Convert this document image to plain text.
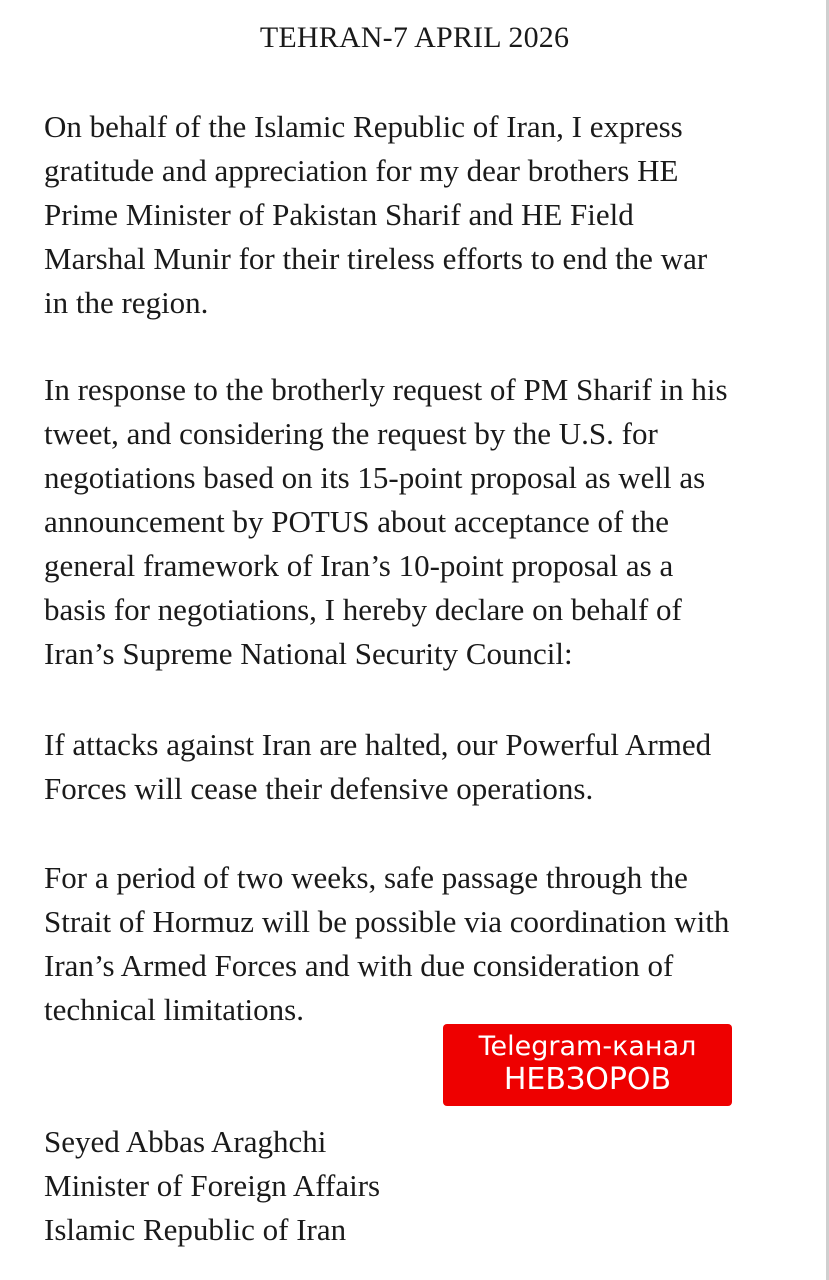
TEHRAN-7 APRIL 2026

On behalf of the Islamic Republic of Iran, I express
gratitude and appreciation for my dear brothers HE
Prime Minister of Pakistan Sharif and HE Field
Marshal Munir for their tireless efforts to end the war
in the region.

In response to the brotherly request of PM Sharif in his
tweet, and considering the request by the U.S. for
negotiations based on its 15-point proposal as well as
announcement by POTUS about acceptance of the
general framework of Iran’s 10-point proposal as a
basis for negotiations, I hereby declare on behalf of
Iran’s Supreme National Security Council:

If attacks against Iran are halted, our Powerful Armed
Forces will cease their defensive operations.

For a period of two weeks, safe passage through the
Strait of Hormuz will be possible via coordination with
Iran’s Armed Forces and with due consideration of
technical limitations.

Telegram-канал
НЕВЗОРОВ

Seyed Abbas Araghchi
Minister of Foreign Affairs
Islamic Republic of Iran
